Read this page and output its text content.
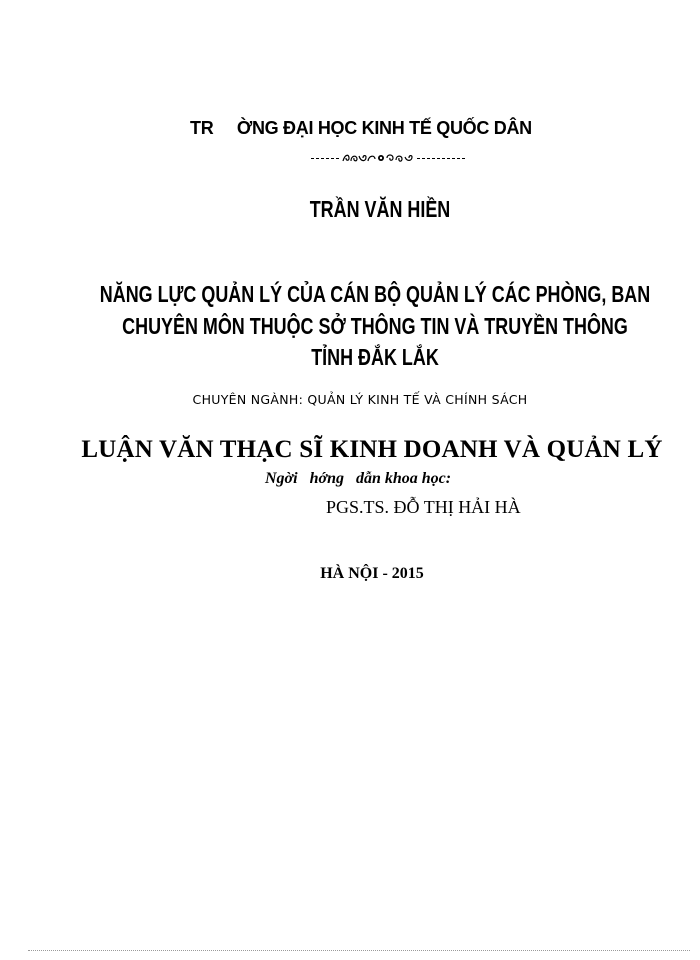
TR     ỜNG ĐẠI HỌC KINH TẾ QUỐC DÂN

TRẦN VĂN HIỀN
NĂNG LỰC QUẢN LÝ CỦA CÁN BỘ QUẢN LÝ CÁC PHÒNG, BAN
CHUYÊN MÔN THUỘC SỞ THÔNG TIN VÀ TRUYỀN THÔNG
TỈNH ĐẮK LẮK
CHUYÊN NGÀNH: QUẢN LÝ KINH TẾ VÀ CHÍNH SÁCH
LUẬN VĂN THẠC SĨ KINH DOANH VÀ QUẢN LÝ
Ngời   hớng   dẫn khoa học:
PGS.TS. ĐỖ THỊ HẢI HÀ
HÀ NỘI - 2015
